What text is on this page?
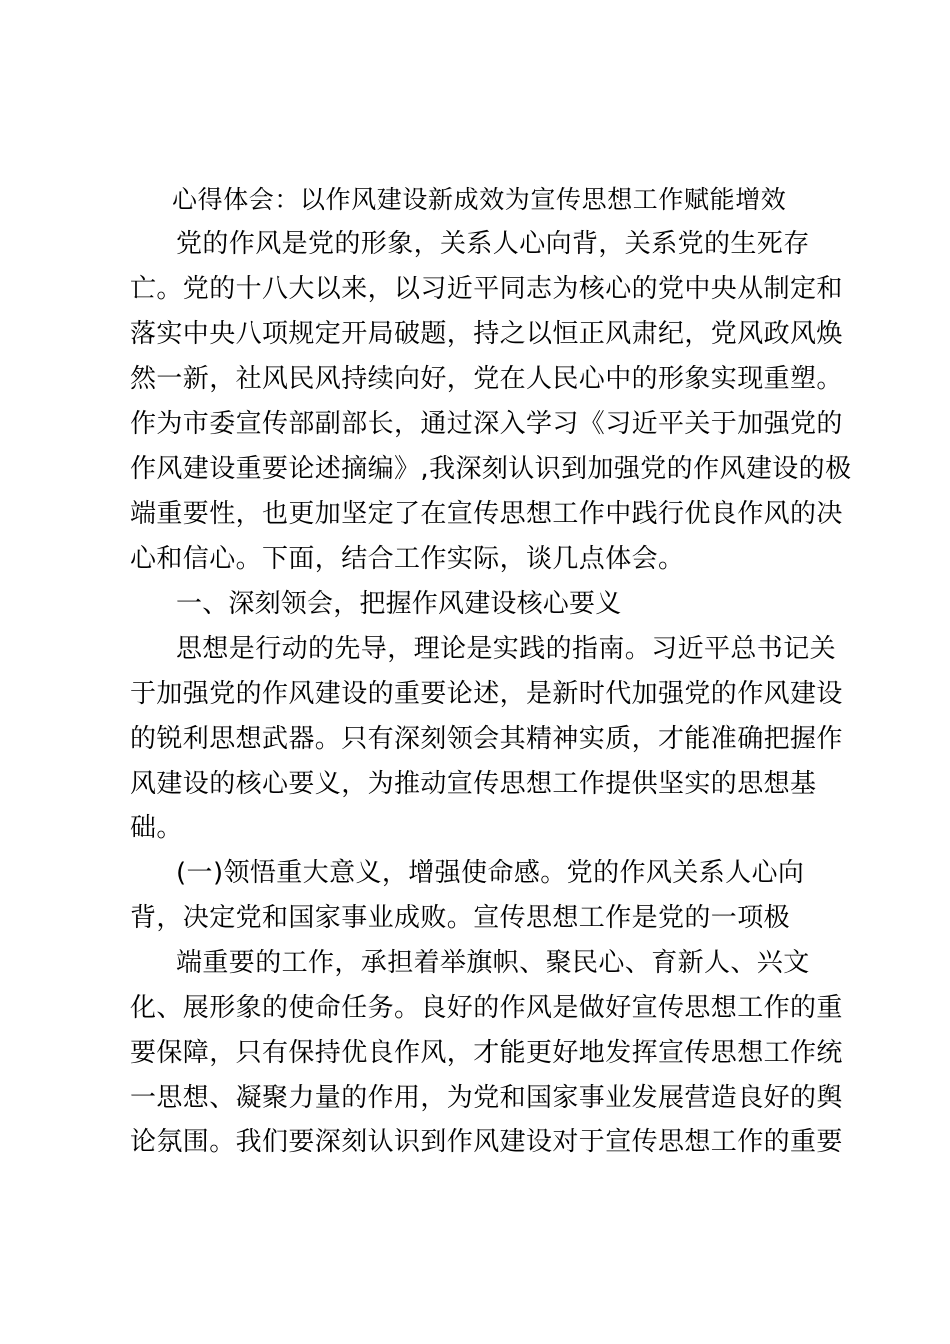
心得体会：以作风建设新成效为宣传思想工作赋能增效
党的作风是党的形象，关系人心向背，关系党的生死存
亡。党的十八大以来，以习近平同志为核心的党中央从制定和
落实中央八项规定开局破题，持之以恒正风肃纪，党风政风焕
然一新，社风民风持续向好，党在人民心中的形象实现重塑。
作为市委宣传部副部长，通过深入学习《习近平关于加强党的
作风建设重要论述摘编》,我深刻认识到加强党的作风建设的极
端重要性，也更加坚定了在宣传思想工作中践行优良作风的决
心和信心。下面，结合工作实际，谈几点体会。
一、深刻领会，把握作风建设核心要义
思想是行动的先导，理论是实践的指南。习近平总书记关
于加强党的作风建设的重要论述，是新时代加强党的作风建设
的锐利思想武器。只有深刻领会其精神实质，才能准确把握作
风建设的核心要义，为推动宣传思想工作提供坚实的思想基
础。
(一)领悟重大意义，增强使命感。党的作风关系人心向
背，决定党和国家事业成败。宣传思想工作是党的一项极
端重要的工作，承担着举旗帜、聚民心、育新人、兴文
化、展形象的使命任务。良好的作风是做好宣传思想工作的重
要保障，只有保持优良作风，才能更好地发挥宣传思想工作统
一思想、凝聚力量的作用，为党和国家事业发展营造良好的舆
论氛围。我们要深刻认识到作风建设对于宣传思想工作的重要
